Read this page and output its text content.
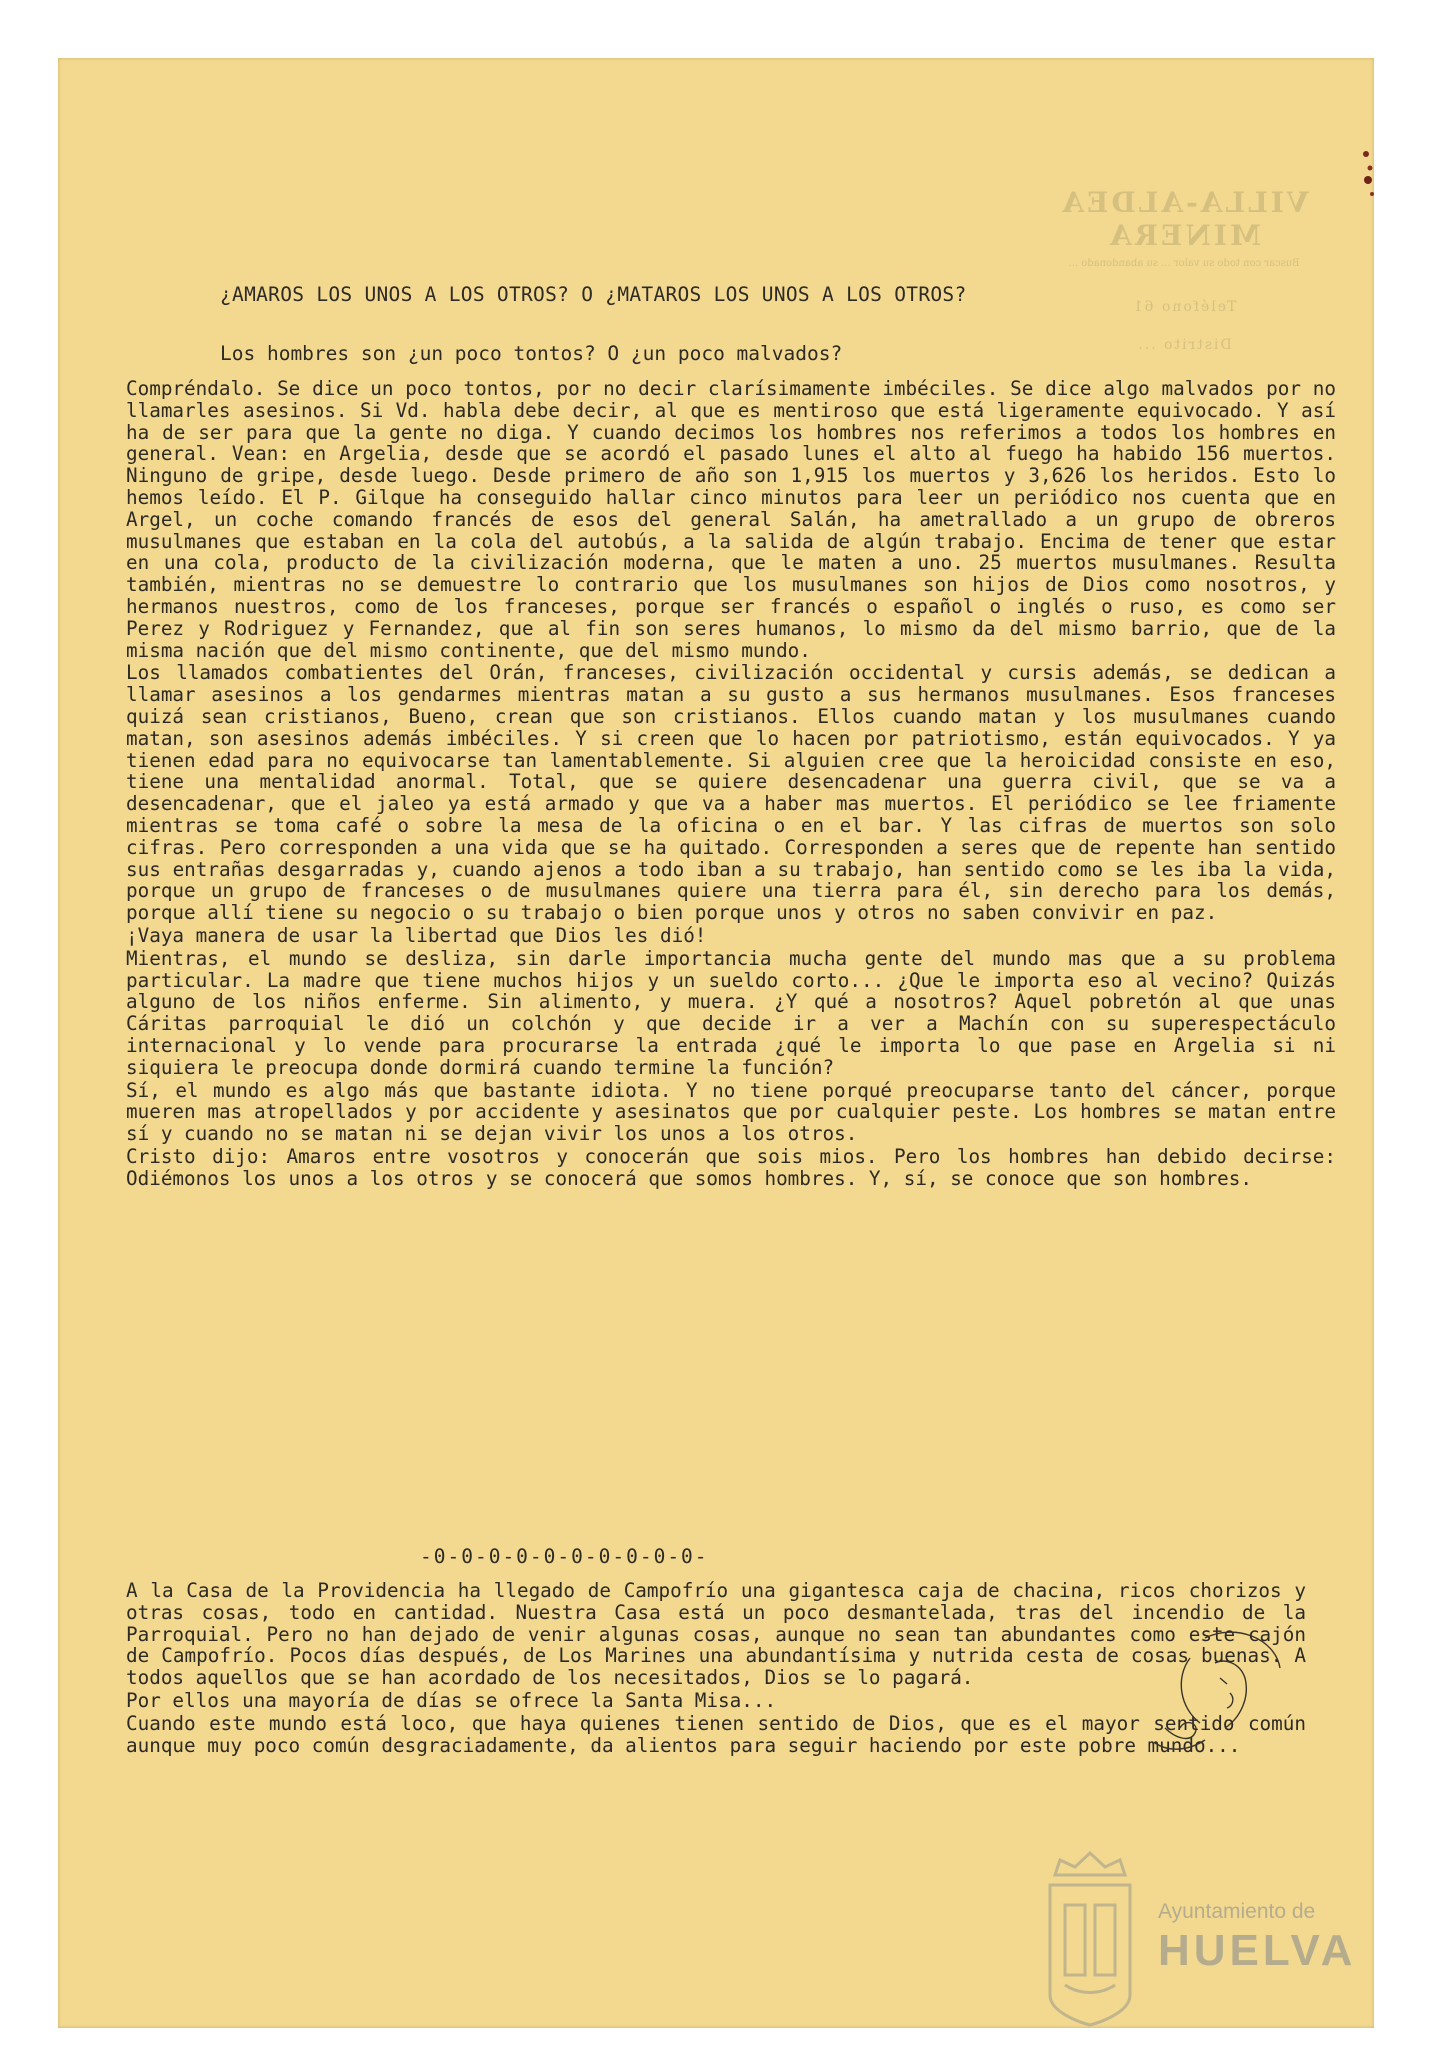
VILLA-ALDEA MINERA
Buscar con todo su valor ... su abandonado ...
Teléfono 61
Distrito ...
¿AMAROS LOS UNOS A LOS OTROS? O ¿MATAROS LOS UNOS A LOS OTROS?
Los hombres son ¿un poco tontos? O ¿un poco malvados?

Compréndalo. Se dice un poco tontos, por no decir clarísimamente imbéciles. Se dice algo malvados por no llamarles asesinos. Si Vd. habla debe decir, al que es mentiroso que está ligeramente equivocado. Y así ha de ser para que la gente no diga. Y cuando decimos los hombres nos referimos a todos los hombres en general. Vean: en Argelia, desde que se acordó el pasado lunes el alto al fuego ha habido 156 muertos. Ninguno de gripe, desde luego. Desde primero de año son 1,915 los muertos y 3,626 los heridos. Esto lo hemos leído. El P. Gilque ha conseguido hallar cinco minutos para leer un periódico nos cuenta que en Argel, un coche comando francés de esos del general Salán, ha ametrallado a un grupo de obreros musulmanes que estaban en la cola del autobús, a la salida de algún trabajo. Encima de tener que estar en una cola, producto de la civilización moderna, que le maten a uno. 25 muertos musulmanes. Resulta también, mientras no se demuestre lo contrario que los musulmanes son hijos de Dios como nosotros, y hermanos nuestros, como de los franceses, porque ser francés o español o inglés o ruso, es como ser Perez y Rodriguez y Fernandez, que al fin son seres humanos, lo mismo da del mismo barrio, que de la misma nación que del mismo continente, que del mismo mundo.

Los llamados combatientes del Orán, franceses, civilización occidental y cursis además, se dedican a llamar asesinos a los gendarmes mientras matan a su gusto a sus hermanos musulmanes. Esos franceses quizá sean cristianos, Bueno, crean que son cristianos. Ellos cuando matan y los musulmanes cuando matan, son asesinos además imbéciles. Y si creen que lo hacen por patriotismo, están equivocados. Y ya tienen edad para no equivocarse tan lamentablemente. Si alguien cree que la heroicidad consiste en eso, tiene una mentalidad anormal. Total, que se quiere desencadenar una guerra civil, que se va a desencadenar, que el jaleo ya está armado y que va a haber mas muertos. El periódico se lee friamente mientras se toma café o sobre la mesa de la oficina o en el bar. Y las cifras de muertos son solo cifras. Pero corresponden a una vida que se ha quitado. Corresponden a seres que de repente han sentido sus entrañas desgarradas y, cuando ajenos a todo iban a su trabajo, han sentido como se les iba la vida, porque un grupo de franceses o de musulmanes quiere una tierra para él, sin derecho para los demás, porque allí tiene su negocio o su trabajo o bien porque unos y otros no saben convivir en paz.

¡Vaya manera de usar la libertad que Dios les dió!

Mientras, el mundo se desliza, sin darle importancia mucha gente del mundo mas que a su problema particular. La madre que tiene muchos hijos y un sueldo corto... ¿Que le importa eso al vecino? Quizás alguno de los niños enferme. Sin alimento, y muera. ¿Y qué a nosotros? Aquel pobretón al que unas Cáritas parroquial le dió un colchón y que decide ir a ver a Machín con su superespectáculo internacional y lo vende para procurarse la entrada ¿qué le importa lo que pase en Argelia si ni siquiera le preocupa donde dormirá cuando termine la función?

Sí, el mundo es algo más que bastante idiota. Y no tiene porqué preocuparse tanto del cáncer, porque mueren mas atropellados y por accidente y asesinatos que por cualquier peste. Los hombres se matan entre sí y cuando no se matan ni se dejan vivir los unos a los otros.

Cristo dijo: Amaros entre vosotros y conocerán que sois mios. Pero los hombres han debido decirse: Odiémonos los unos a los otros y se conocerá que somos hombres. Y, sí, se conoce que son hombres.

-0-0-0-0-0-0-0-0-0-0-

A la Casa de la Providencia ha llegado de Campofrío una gigantesca caja de chacina, ricos chorizos y otras cosas, todo en cantidad. Nuestra Casa está un poco desmantelada, tras del incendio de la Parroquial. Pero no han dejado de venir algunas cosas, aunque no sean tan abundantes como este cajón de Campofrío. Pocos días después, de Los Marines una abundantísima y nutrida cesta de cosas buenas. A todos aquellos que se han acordado de los necesitados, Dios se lo pagará.

Por ellos una mayoría de días se ofrece la Santa Misa...

Cuando este mundo está loco, que haya quienes tienen sentido de Dios, que es el mayor sentido común aunque muy poco común desgraciadamente, da alientos para seguir haciendo por este pobre mundo...

Ayuntamiento de
HUELVA
